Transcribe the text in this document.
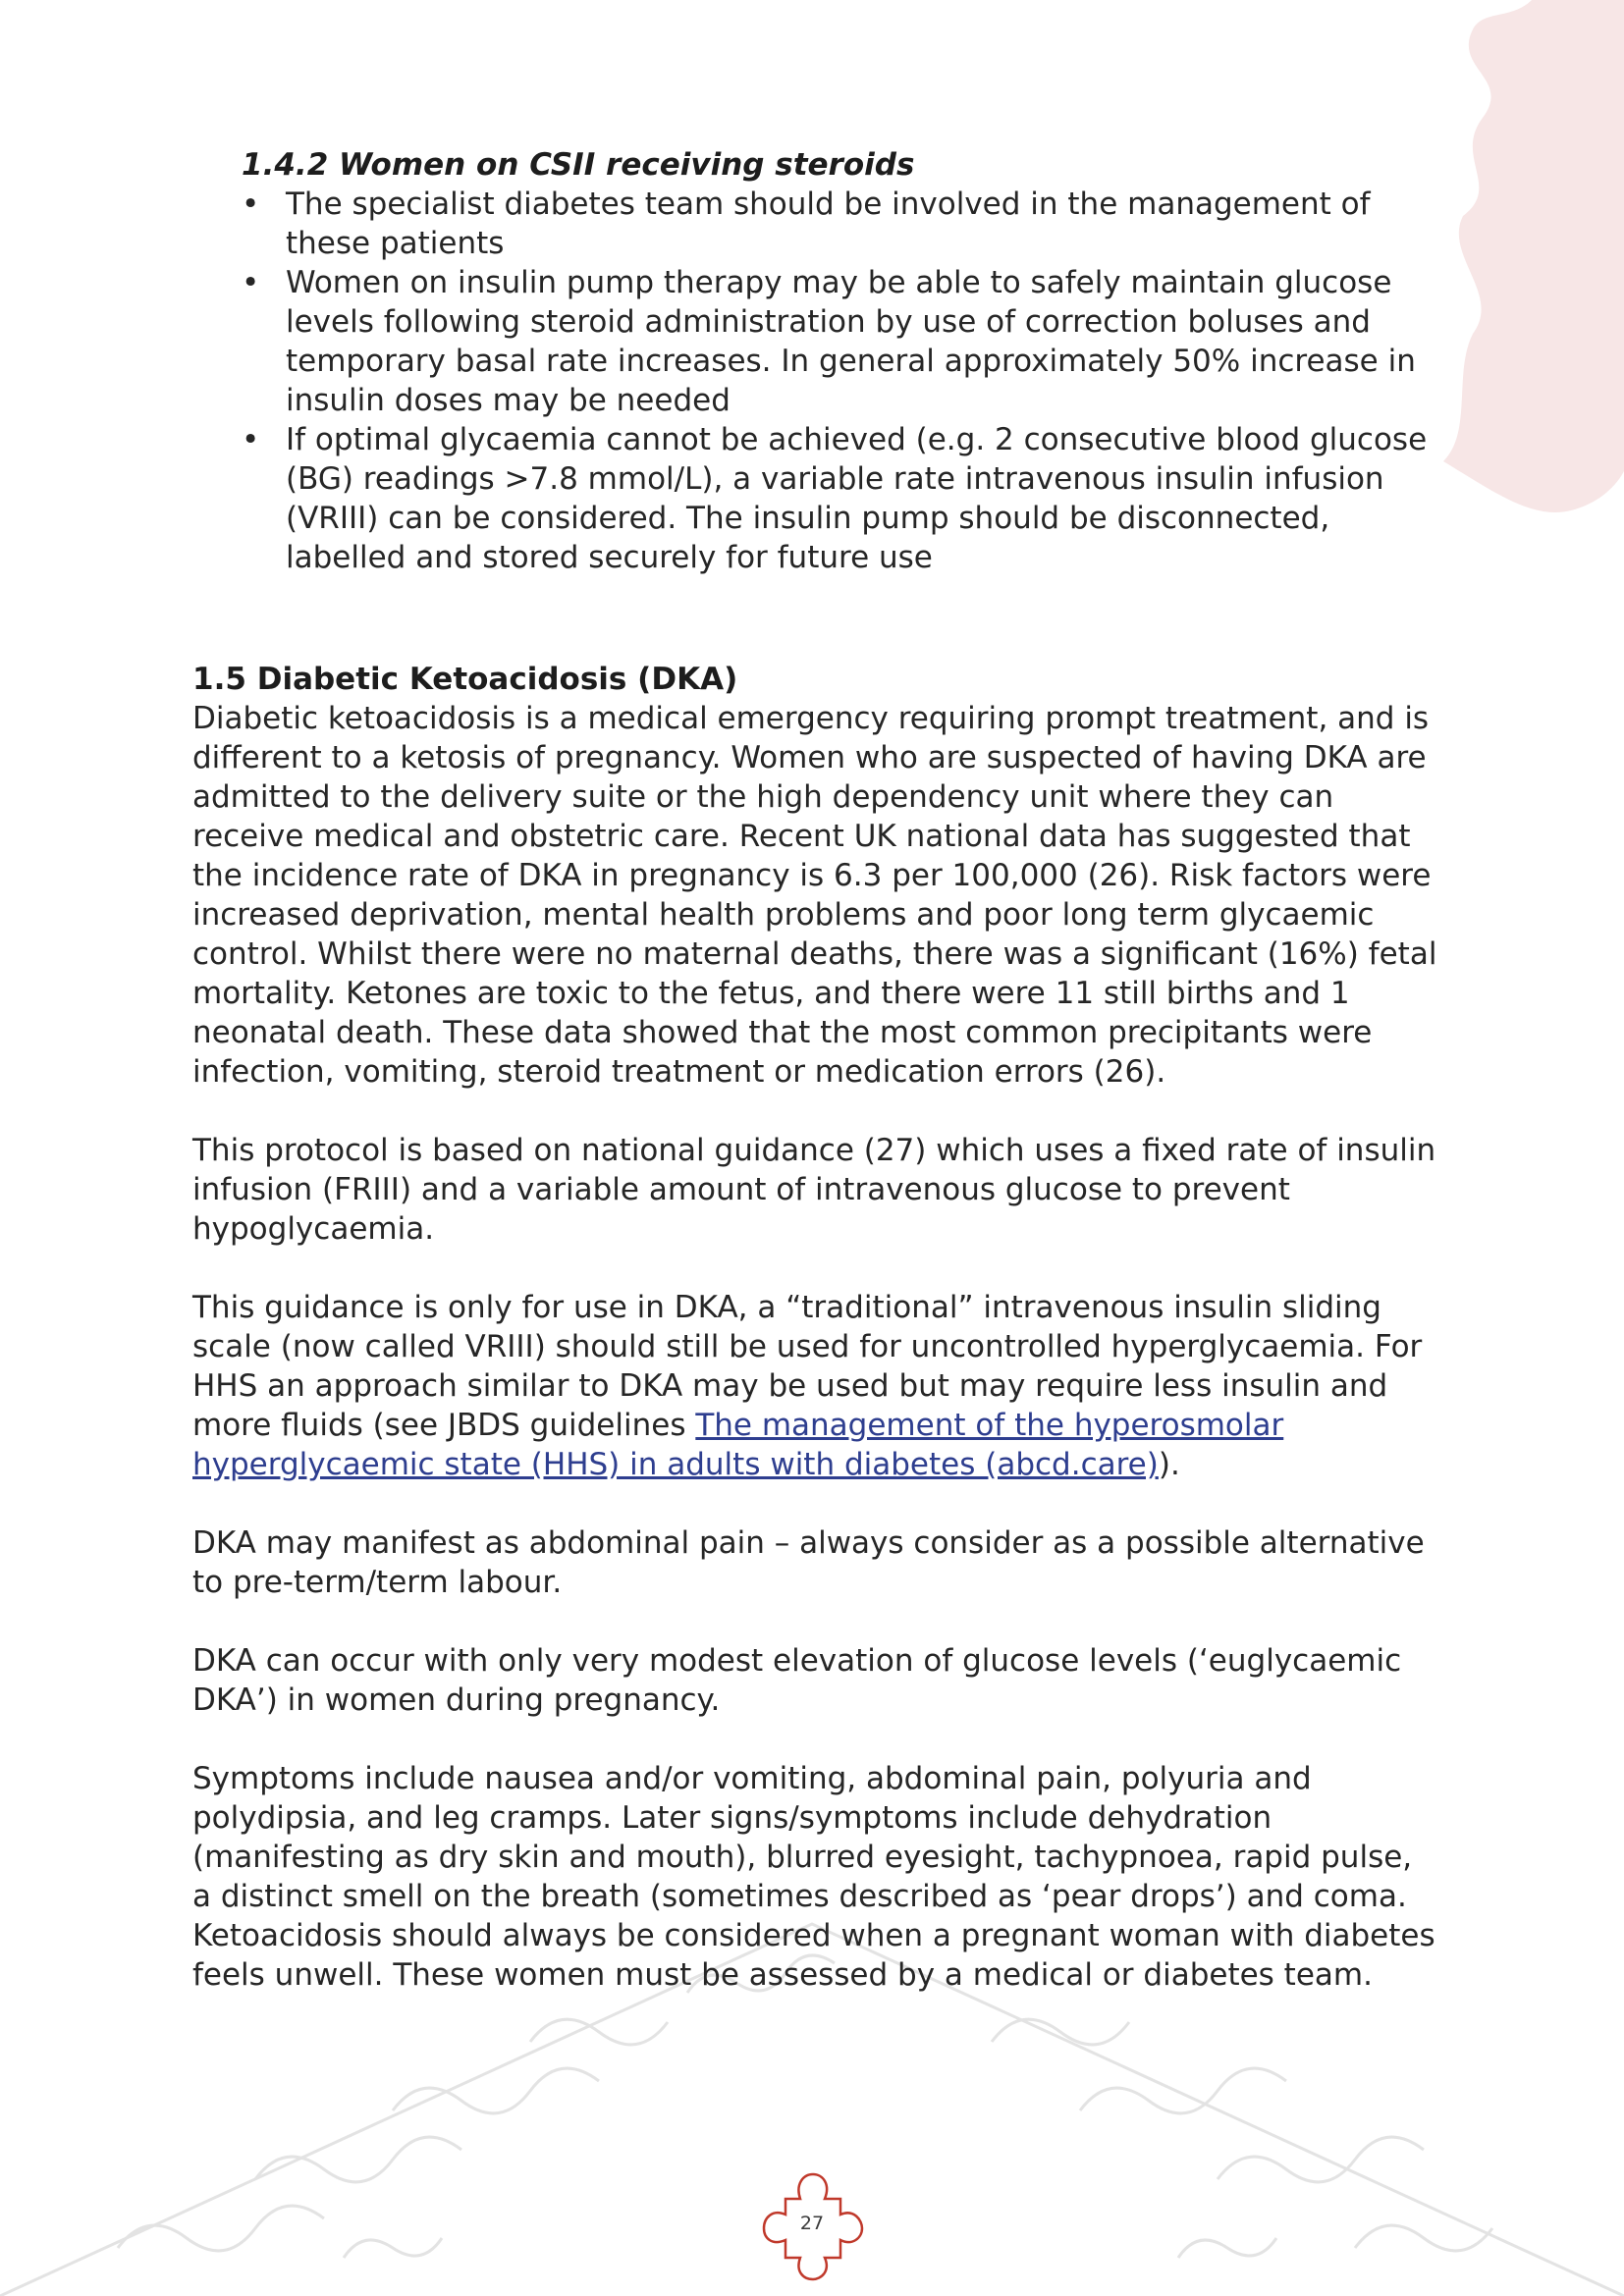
1.4.2 Women on CSII receiving steroids
• The specialist diabetes team should be involved in the management of these patients
• Women on insulin pump therapy may be able to safely maintain glucose levels following steroid administration by use of correction boluses and temporary basal rate increases. In general approximately 50% increase in insulin doses may be needed
• If optimal glycaemia cannot be achieved (e.g. 2 consecutive blood glucose (BG) readings >7.8 mmol/L), a variable rate intravenous insulin infusion (VRIII) can be considered. The insulin pump should be disconnected, labelled and stored securely for future use
1.5 Diabetic Ketoacidosis (DKA)

Diabetic ketoacidosis is a medical emergency requiring prompt treatment, and is different to a ketosis of pregnancy. Women who are suspected of having DKA are admitted to the delivery suite or the high dependency unit where they can receive medical and obstetric care. Recent UK national data has suggested that the incidence rate of DKA in pregnancy is 6.3 per 100,000 (26). Risk factors were increased deprivation, mental health problems and poor long term glycaemic control. Whilst there were no maternal deaths, there was a significant (16%) fetal mortality. Ketones are toxic to the fetus, and there were 11 still births and 1 neonatal death. These data showed that the most common precipitants were infection, vomiting, steroid treatment or medication errors (26).

This protocol is based on national guidance (27) which uses a fixed rate of insulin infusion (FRIII) and a variable amount of intravenous glucose to prevent hypoglycaemia.

This guidance is only for use in DKA, a “traditional” intravenous insulin sliding scale (now called VRIII) should still be used for uncontrolled hyperglycaemia. For HHS an approach similar to DKA may be used but may require less insulin and more fluids (see JBDS guidelines The management of the hyperosmolar hyperglycaemic state (HHS) in adults with diabetes (abcd.care)).

DKA may manifest as abdominal pain – always consider as a possible alternative to pre-term/term labour.

DKA can occur with only very modest elevation of glucose levels (‘euglycaemic DKA’) in women during pregnancy.

Symptoms include nausea and/or vomiting, abdominal pain, polyuria and polydipsia, and leg cramps. Later signs/symptoms include dehydration (manifesting as dry skin and mouth), blurred eyesight, tachypnoea, rapid pulse, a distinct smell on the breath (sometimes described as ‘pear drops’) and coma. Ketoacidosis should always be considered when a pregnant woman with diabetes feels unwell. These women must be assessed by a medical or diabetes team.

27
